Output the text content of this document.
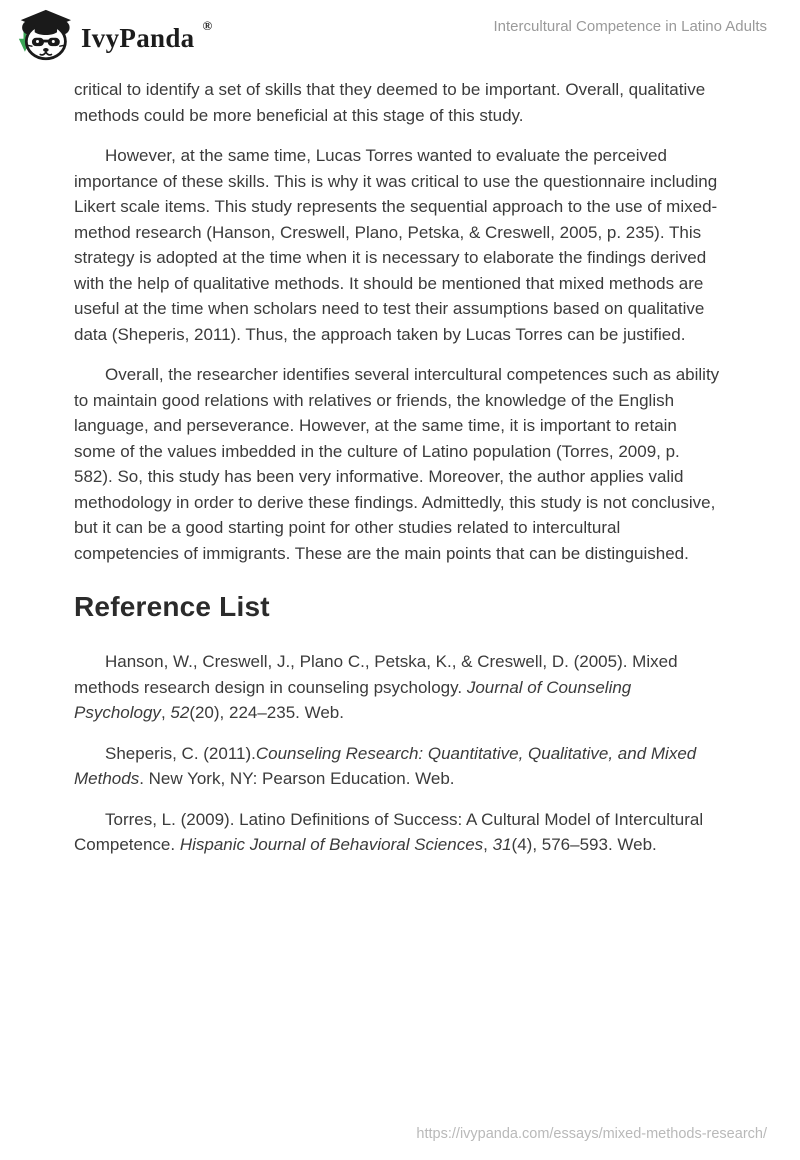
IvyPanda ®	Intercultural Competence in Latino Adults

critical to identify a set of skills that they deemed to be important. Overall, qualitative methods could be more beneficial at this stage of this study.

However, at the same time, Lucas Torres wanted to evaluate the perceived importance of these skills. This is why it was critical to use the questionnaire including Likert scale items. This study represents the sequential approach to the use of mixed-method research (Hanson, Creswell, Plano, Petska, & Creswell, 2005, p. 235). This strategy is adopted at the time when it is necessary to elaborate the findings derived with the help of qualitative methods. It should be mentioned that mixed methods are useful at the time when scholars need to test their assumptions based on qualitative data (Sheperis, 2011). Thus, the approach taken by Lucas Torres can be justified.

Overall, the researcher identifies several intercultural competences such as ability to maintain good relations with relatives or friends, the knowledge of the English language, and perseverance. However, at the same time, it is important to retain some of the values imbedded in the culture of Latino population (Torres, 2009, p. 582). So, this study has been very informative. Moreover, the author applies valid methodology in order to derive these findings. Admittedly, this study is not conclusive, but it can be a good starting point for other studies related to intercultural competencies of immigrants. These are the main points that can be distinguished.

Reference List

Hanson, W., Creswell, J., Plano C., Petska, K., & Creswell, D. (2005). Mixed methods research design in counseling psychology. Journal of Counseling Psychology, 52(20), 224–235. Web.

Sheperis, C. (2011).Counseling Research: Quantitative, Qualitative, and Mixed Methods. New York, NY: Pearson Education. Web.

Torres, L. (2009). Latino Definitions of Success: A Cultural Model of Intercultural Competence. Hispanic Journal of Behavioral Sciences, 31(4), 576–593. Web.

https://ivypanda.com/essays/mixed-methods-research/
